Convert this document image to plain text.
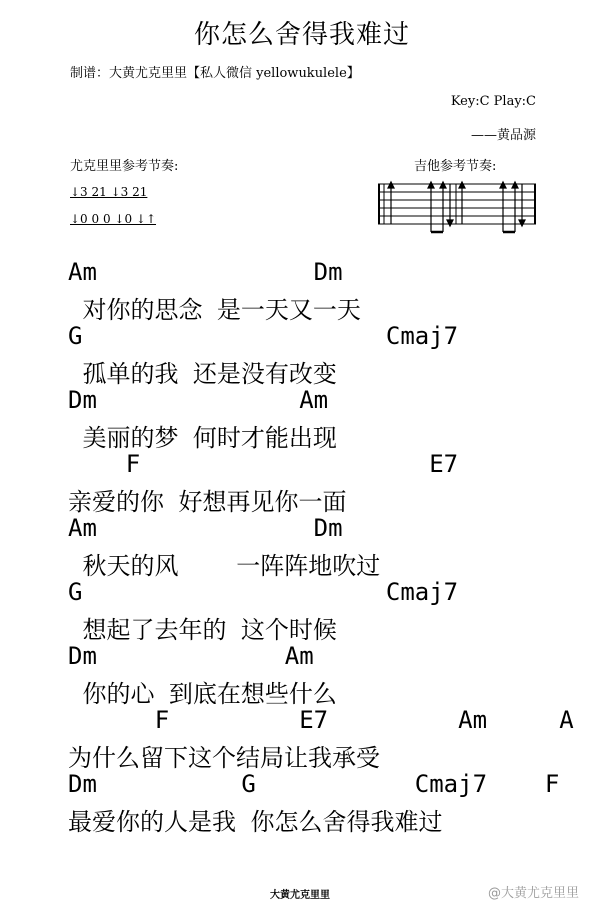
你怎么舍得我难过
制谱：大黄尤克里里【私人微信 yellowukulele】
Key:C Play:C
——黄品源
尤克里里参考节奏:	吉他参考节奏:
↓3 21 ↓3 21
↓0 0 0 ↓0 ↓↑
Am               Dm
对你的思念 是一天又一天
G                     Cmaj7
孤单的我 还是没有改变
Dm              Am
美丽的梦 何时才能出现
F                    E7
亲爱的你 好想再见你一面
Am               Dm
秋天的风    一阵阵地吹过
G                     Cmaj7
想起了去年的 这个时候
Dm             Am
你的心 到底在想些什么
F         E7         Am     A
为什么留下这个结局让我承受
Dm          G           Cmaj7    F
最爱你的人是我 你怎么舍得我难过
大黄尤克里里	@大黄尤克里里
